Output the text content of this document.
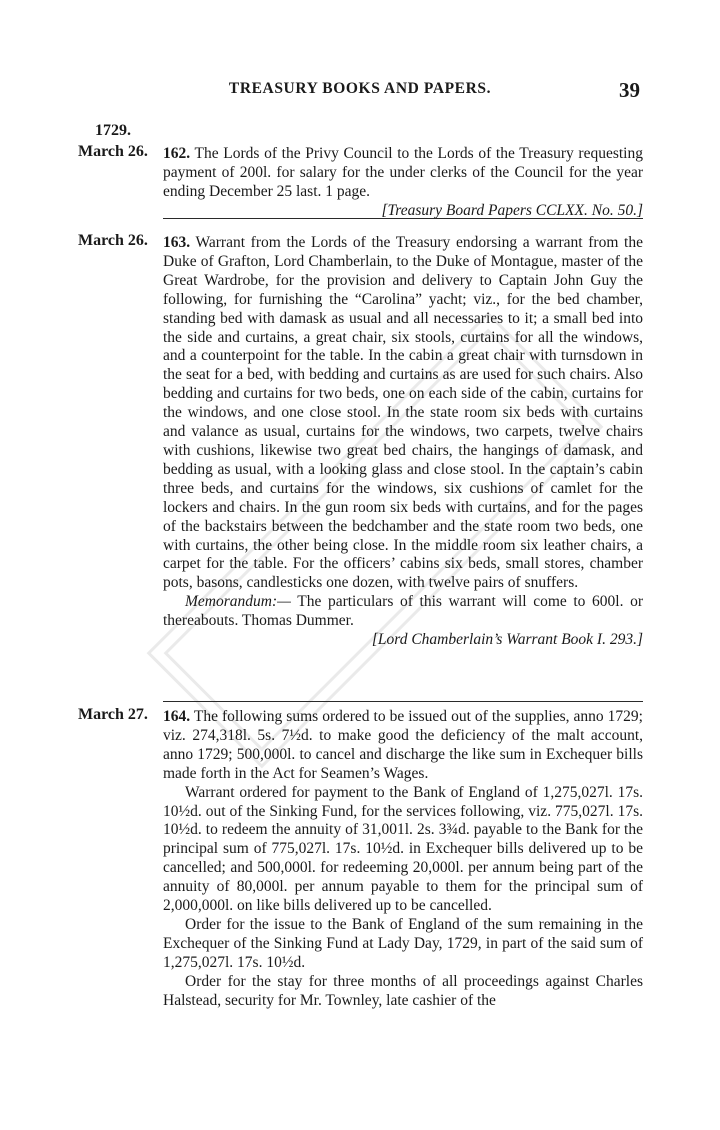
TREASURY BOOKS AND PAPERS.	39
1729.
March 26. 162. The Lords of the Privy Council to the Lords of the Treasury requesting payment of 200l. for salary for the under clerks of the Council for the year ending December 25 last. 1 page.

[Treasury Board Papers CCLXX. No. 50.]

March 26. 163. Warrant from the Lords of the Treasury endorsing a warrant from the Duke of Grafton, Lord Chamberlain, to the Duke of Montague, master of the Great Wardrobe, for the provision and delivery to Captain John Guy the following, for furnishing the “Carolina” yacht; viz., for the bed chamber, standing bed with damask as usual and all necessaries to it; a small bed into the side and curtains, a great chair, six stools, curtains for all the windows, and a counterpoint for the table. In the cabin a great chair with turnsdown in the seat for a bed, with bedding and curtains as are used for such chairs. Also bedding and curtains for two beds, one on each side of the cabin, curtains for the windows, and one close stool. In the state room six beds with curtains and valance as usual, curtains for the windows, two carpets, twelve chairs with cushions, likewise two great bed chairs, the hangings of damask, and bedding as usual, with a looking glass and close stool. In the captain’s cabin three beds, and curtains for the windows, six cushions of camlet for the lockers and chairs. In the gun room six beds with curtains, and for the pages of the backstairs between the bedchamber and the state room two beds, one with curtains, the other being close. In the middle room six leather chairs, a carpet for the table. For the officers’ cabins six beds, small stores, chamber pots, basons, candlesticks one dozen, with twelve pairs of snuffers.

Memorandum:— The particulars of this warrant will come to 600l. or thereabouts. Thomas Dummer.

[Lord Chamberlain’s Warrant Book I. 293.]

March 27. 164. The following sums ordered to be issued out of the supplies, anno 1729; viz. 274,318l. 5s. 7½d. to make good the deficiency of the malt account, anno 1729; 500,000l. to cancel and discharge the like sum in Exchequer bills made forth in the Act for Seamen’s Wages.

Warrant ordered for payment to the Bank of England of 1,275,027l. 17s. 10½d. out of the Sinking Fund, for the services following, viz. 775,027l. 17s. 10½d. to redeem the annuity of 31,001l. 2s. 3¾d. payable to the Bank for the principal sum of 775,027l. 17s. 10½d. in Exchequer bills delivered up to be cancelled; and 500,000l. for redeeming 20,000l. per annum being part of the annuity of 80,000l. per annum payable to them for the principal sum of 2,000,000l. on like bills delivered up to be cancelled.

Order for the issue to the Bank of England of the sum remaining in the Exchequer of the Sinking Fund at Lady Day, 1729, in part of the said sum of 1,275,027l. 17s. 10½d.

Order for the stay for three months of all proceedings against Charles Halstead, security for Mr. Townley, late cashier of the
